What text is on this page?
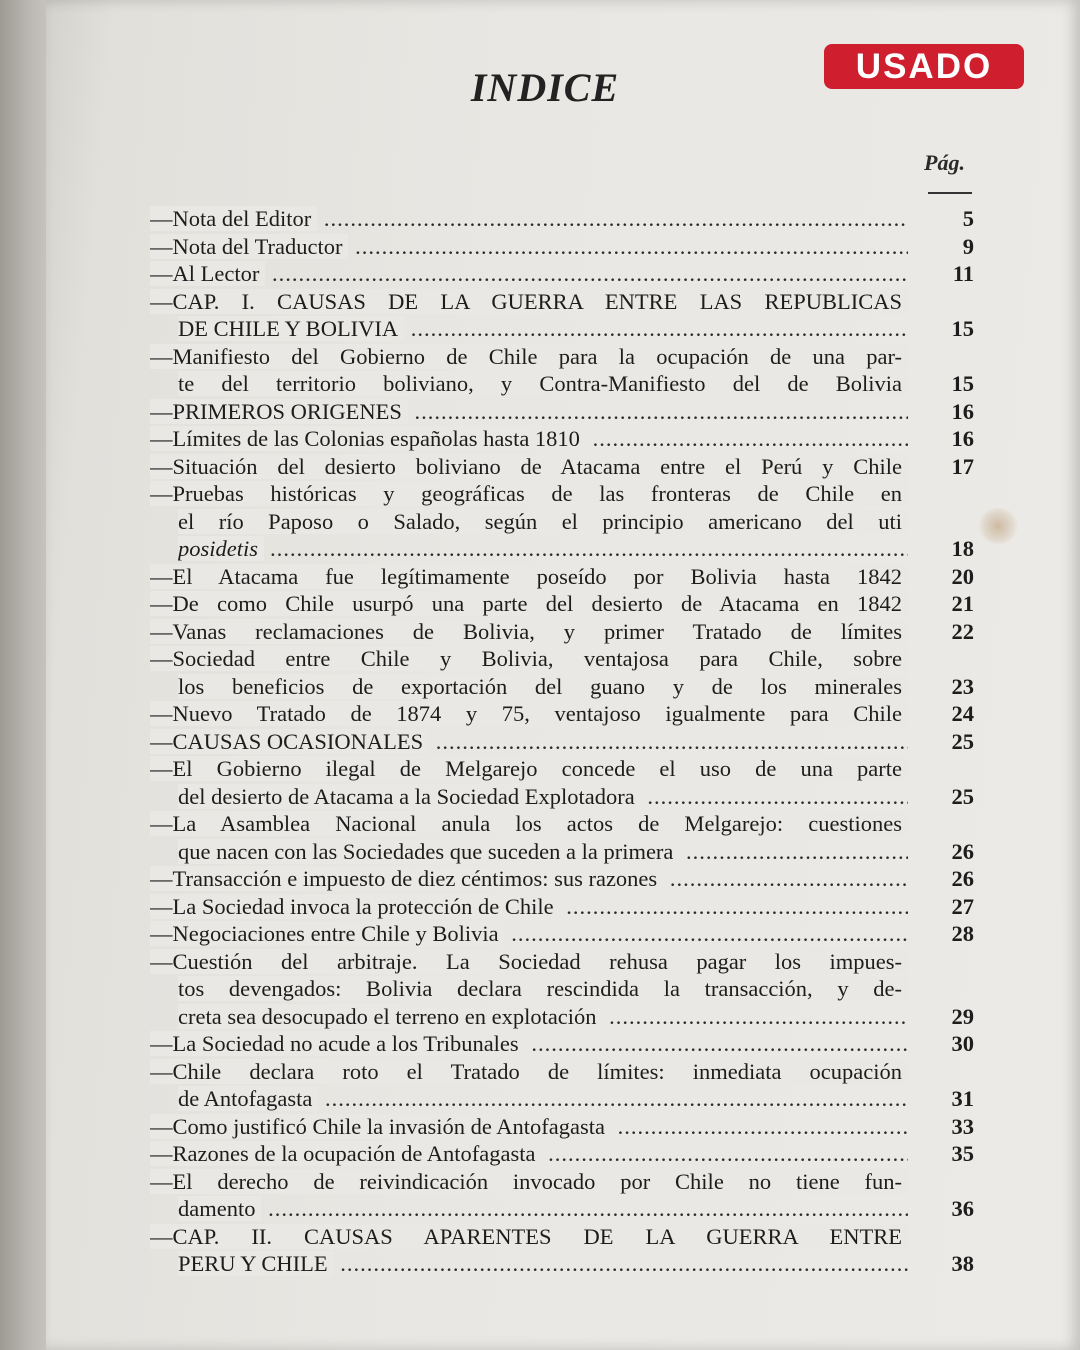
INDICE	USADO
Pág.
—Nota del Editor .....	5
—Nota del Traductor .....	9
—Al Lector .....	11
—CAP. I. CAUSAS DE LA GUERRA ENTRE LAS REPUBLICAS
DE CHILE Y BOLIVIA .....	15
—Manifiesto del Gobierno de Chile para la ocupación de una par-
te del territorio boliviano, y Contra-Manifiesto del de Bolivia	15
—PRIMEROS ORIGENES .....	16
—Límites de las Colonias españolas hasta 1810 .....	16
—Situación del desierto boliviano de Atacama entre el Perú y Chile	17
—Pruebas históricas y geográficas de las fronteras de Chile en
el río Paposo o Salado, según el principio americano del uti
posidetis .....	18
—El Atacama fue legítimamente poseído por Bolivia hasta 1842	20
—De como Chile usurpó una parte del desierto de Atacama en 1842	21
—Vanas reclamaciones de Bolivia, y primer Tratado de límites	22
—Sociedad entre Chile y Bolivia, ventajosa para Chile, sobre
los beneficios de exportación del guano y de los minerales	23
—Nuevo Tratado de 1874 y 75, ventajoso igualmente para Chile	24
—CAUSAS OCASIONALES .....	25
—El Gobierno ilegal de Melgarejo concede el uso de una parte
del desierto de Atacama a la Sociedad Explotadora .....	25
—La Asamblea Nacional anula los actos de Melgarejo: cuestiones
que nacen con las Sociedades que suceden a la primera .....	26
—Transacción e impuesto de diez céntimos: sus razones .....	26
—La Sociedad invoca la protección de Chile .....	27
—Negociaciones entre Chile y Bolivia .....	28
—Cuestión del arbitraje. La Sociedad rehusa pagar los impues-
tos devengados: Bolivia declara rescindida la transacción, y de-
creta sea desocupado el terreno en explotación .....	29
—La Sociedad no acude a los Tribunales .....	30
—Chile declara roto el Tratado de límites: inmediata ocupación
de Antofagasta .....	31
—Como justificó Chile la invasión de Antofagasta .....	33
—Razones de la ocupación de Antofagasta .....	35
—El derecho de reivindicación invocado por Chile no tiene fun-
damento .....	36
—CAP. II. CAUSAS APARENTES DE LA GUERRA ENTRE
PERU Y CHILE .....	38
